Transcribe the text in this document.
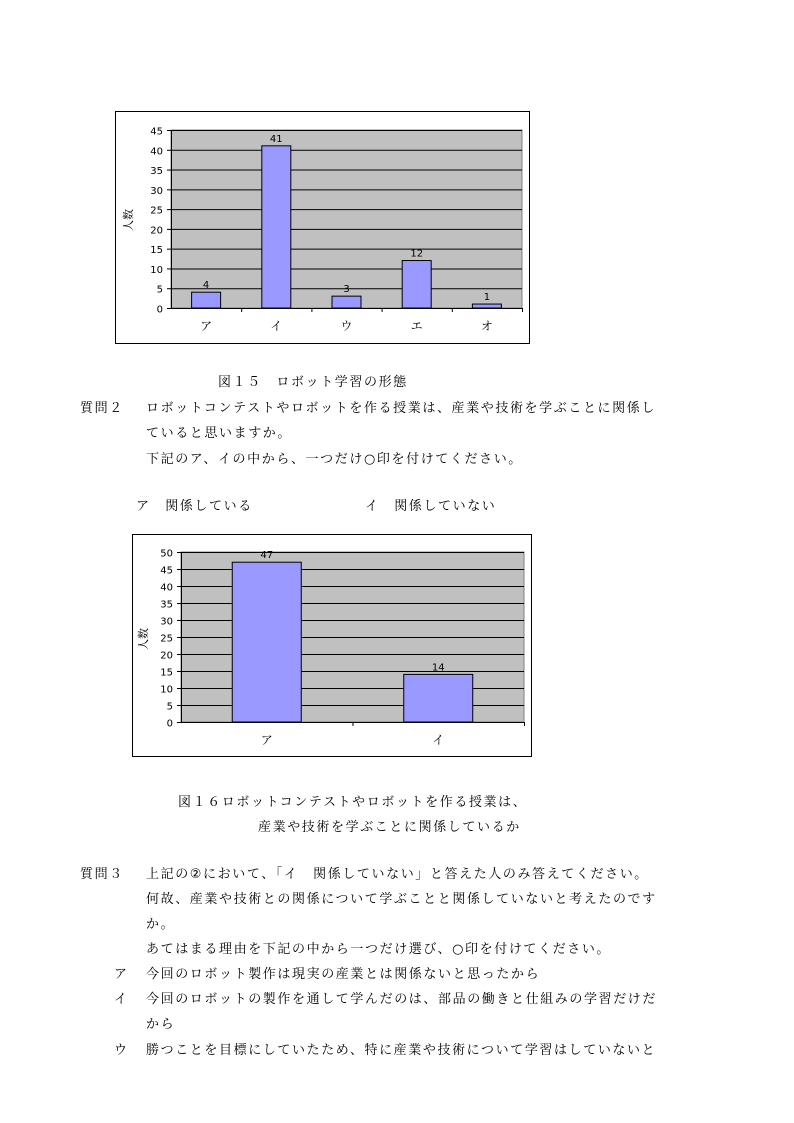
0
5
10
15
20
25
30
35
40
45
人数
4
ア
41
イ
3
ウ
12
エ
1
オ
図１５　ロボット学習の形態
質問２ ロボットコンテストやロボットを作る授業は、産業や技術を学ぶことに関係し
ていると思いますか。
下記のア、イの中から、一つだけ○印を付けてください。
ア　関係している	イ　関係していない
0
5
10
15
20
25
30
35
40
45
50
人数
47
ア
14
イ
図１６ロボットコンテストやロボットを作る授業は、
産業や技術を学ぶことに関係しているか
質問３ 上記の②において、「イ　関係していない」と答えた人のみ答えてください。
何故、産業や技術との関係について学ぶことと関係していないと考えたのです
か。
あてはまる理由を下記の中から一つだけ選び、○印を付けてください。
ア 今回のロボット製作は現実の産業とは関係ないと思ったから
イ 今回のロボットの製作を通して学んだのは、部品の働きと仕組みの学習だけだ
から
ウ 勝つことを目標にしていたため、特に産業や技術について学習はしていないと
